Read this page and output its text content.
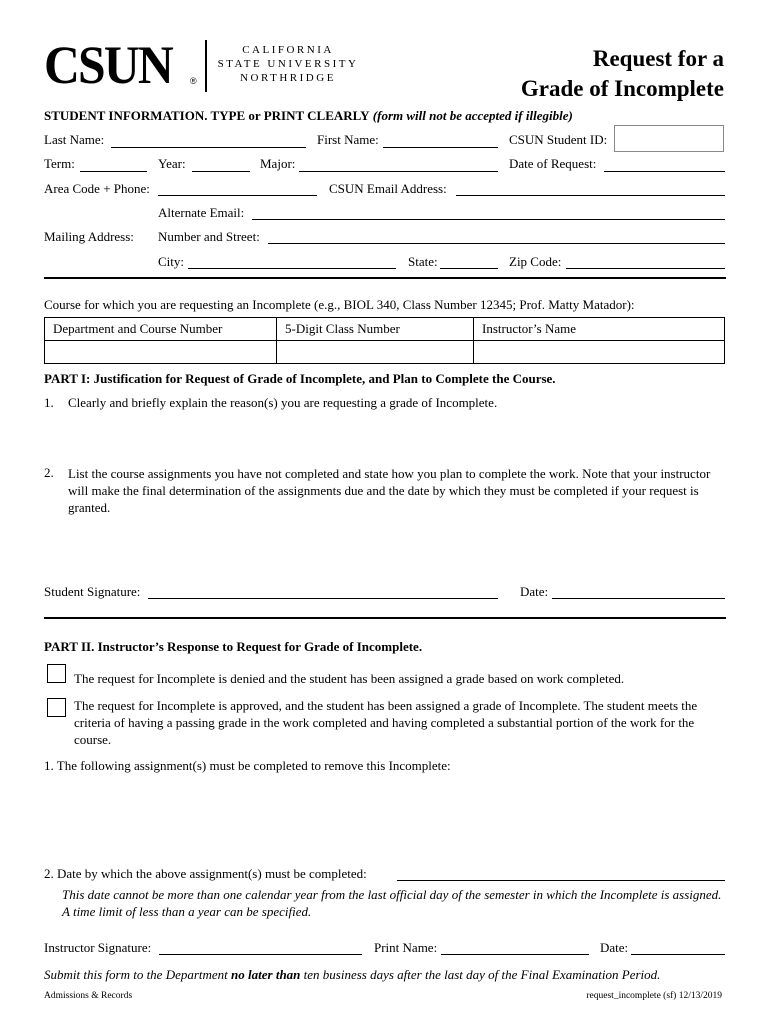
CSUN ®
CALIFORNIA
STATE UNIVERSITY
NORTHRIDGE
Request for a
Grade of Incomplete
STUDENT INFORMATION. TYPE or PRINT CLEARLY (form will not be accepted if illegible)
Last Name:	First Name:	CSUN Student ID:
Term:	Year:	Major:	Date of Request:
Area Code + Phone:	CSUN Email Address:
Alternate Email:
Mailing Address: Number and Street:
City:	State:	Zip Code:
Course for which you are requesting an Incomplete (e.g., BIOL 340, Class Number 12345; Prof. Matty Matador):
Department and Course Number	5-Digit Class Number	Instructor’s Name

PART I: Justification for Request of Grade of Incomplete, and Plan to Complete the Course.
1. Clearly and briefly explain the reason(s) you are requesting a grade of Incomplete.
2. List the course assignments you have not completed and state how you plan to complete the work. Note that your instructor will make the final determination of the assignments due and the date by which they must be completed if your request is granted.
Student Signature:	Date:
PART II. Instructor’s Response to Request for Grade of Incomplete.
The request for Incomplete is denied and the student has been assigned a grade based on work completed.
The request for Incomplete is approved, and the student has been assigned a grade of Incomplete. The student meets the criteria of having a passing grade in the work completed and having completed a substantial portion of the work for the course.
1. The following assignment(s) must be completed to remove this Incomplete:
2. Date by which the above assignment(s) must be completed:
This date cannot be more than one calendar year from the last official day of the semester in which the Incomplete is assigned. A time limit of less than a year can be specified.
Instructor Signature:	Print Name:	Date:
Submit this form to the Department no later than ten business days after the last day of the Final Examination Period.
Admissions & Records	request_incomplete (sf) 12/13/2019
